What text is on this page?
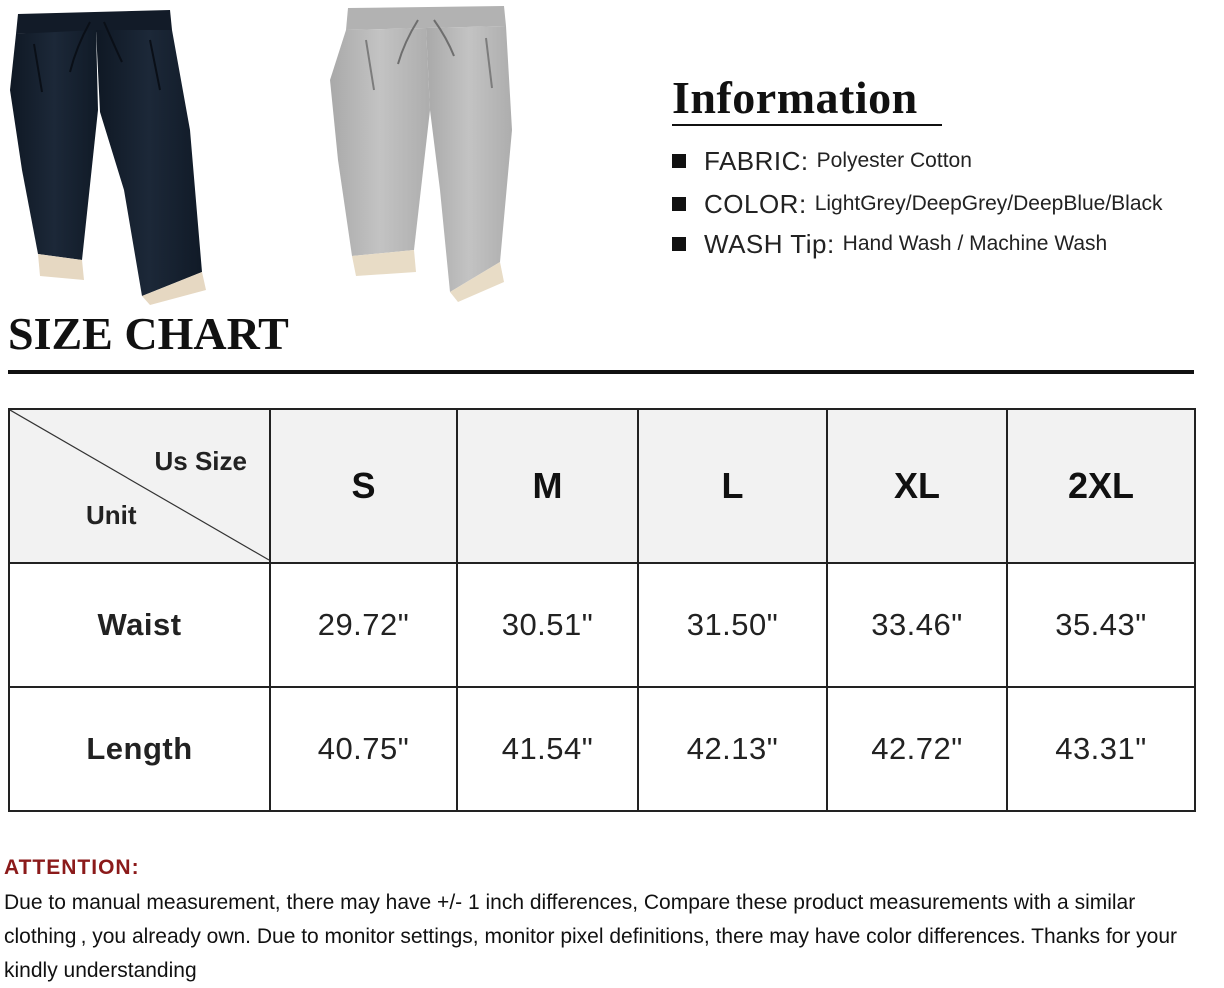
Information
FABRIC: Polyester Cotton
COLOR: LightGrey/DeepGrey/DeepBlue/Black
WASH Tip: Hand Wash / Machine Wash
SIZE CHART
Us Size
Unit	S	M	L	XL	2XL
Waist	29.72"	30.51"	31.50"	33.46"	35.43"
Length	40.75"	41.54"	42.13"	42.72"	43.31"
ATTENTION:
Due to manual measurement, there may have +/- 1 inch differences, Compare these product measurements with a similar clothing , you already own. Due to monitor settings, monitor pixel definitions, there may have color differences. Thanks for your kindly understanding
